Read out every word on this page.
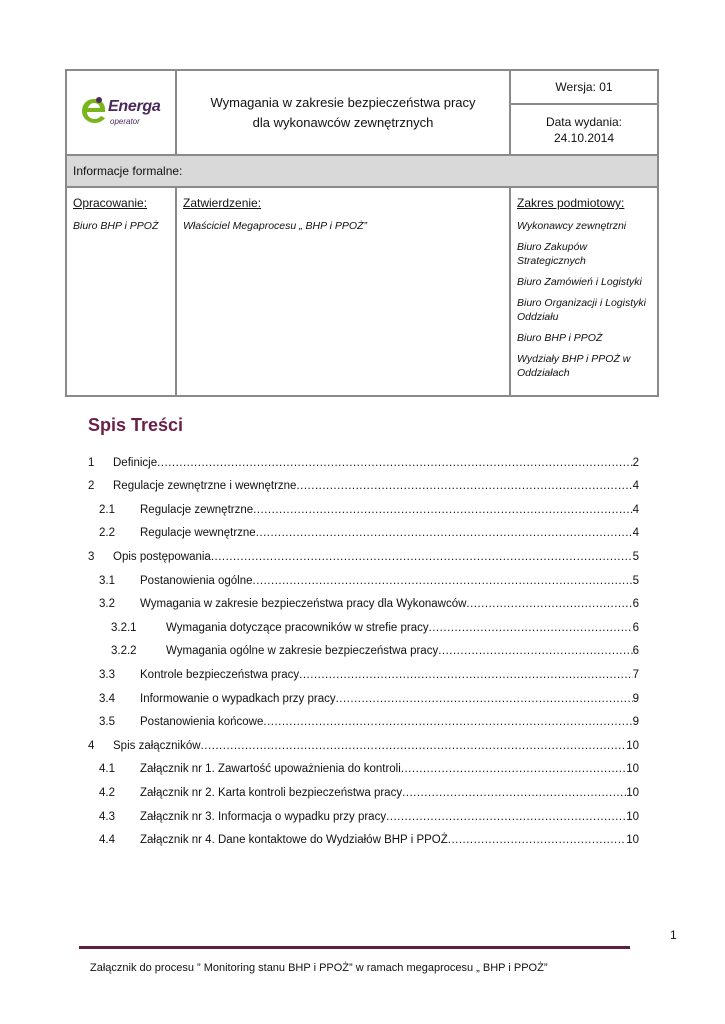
Energa
operator
Wymagania w zakresie bezpieczeństwa pracy
dla wykonawców zewnętrznych
Wersja: 01
Data wydania:
24.10.2014
Informacje formalne:
Opracowanie:
Biuro BHP i PPOŻ
Zatwierdzenie:
Właściciel Megaprocesu „ BHP i PPOŻ”
Zakres podmiotowy:
Wykonawcy zewnętrzni
Biuro Zakupów Strategicznych
Biuro Zamówień i Logistyki
Biuro Organizacji i Logistyki Oddziału
Biuro BHP i PPOŻ
Wydziały BHP i PPOŻ w Oddziałach
Spis Treści
1	Definicje .....	2
2	Regulacje zewnętrzne i wewnętrzne .....	4
2.1	Regulacje zewnętrzne .....	4
2.2	Regulacje wewnętrzne .....	4
3	Opis postępowania .....	5
3.1	Postanowienia ogólne .....	5
3.2	Wymagania w zakresie bezpieczeństwa pracy dla Wykonawców .....	6
3.2.1	Wymagania dotyczące pracowników w strefie pracy .....	6
3.2.2	Wymagania ogólne w zakresie bezpieczeństwa pracy .....	6
3.3	Kontrole bezpieczeństwa pracy .....	7
3.4	Informowanie o wypadkach przy pracy .....	9
3.5	Postanowienia końcowe .....	9
4	Spis załączników .....	10
4.1	Załącznik nr 1. Zawartość upoważnienia do kontroli .....	10
4.2	Załącznik nr 2. Karta kontroli bezpieczeństwa pracy .....	10
4.3	Załącznik nr 3. Informacja o wypadku przy pracy .....	10
4.4	Załącznik nr 4. Dane kontaktowe do Wydziałów BHP i PPOŻ .....	10
1
Załącznik do procesu ” Monitoring stanu BHP i PPOŻ” w ramach megaprocesu „ BHP i PPOŻ”
